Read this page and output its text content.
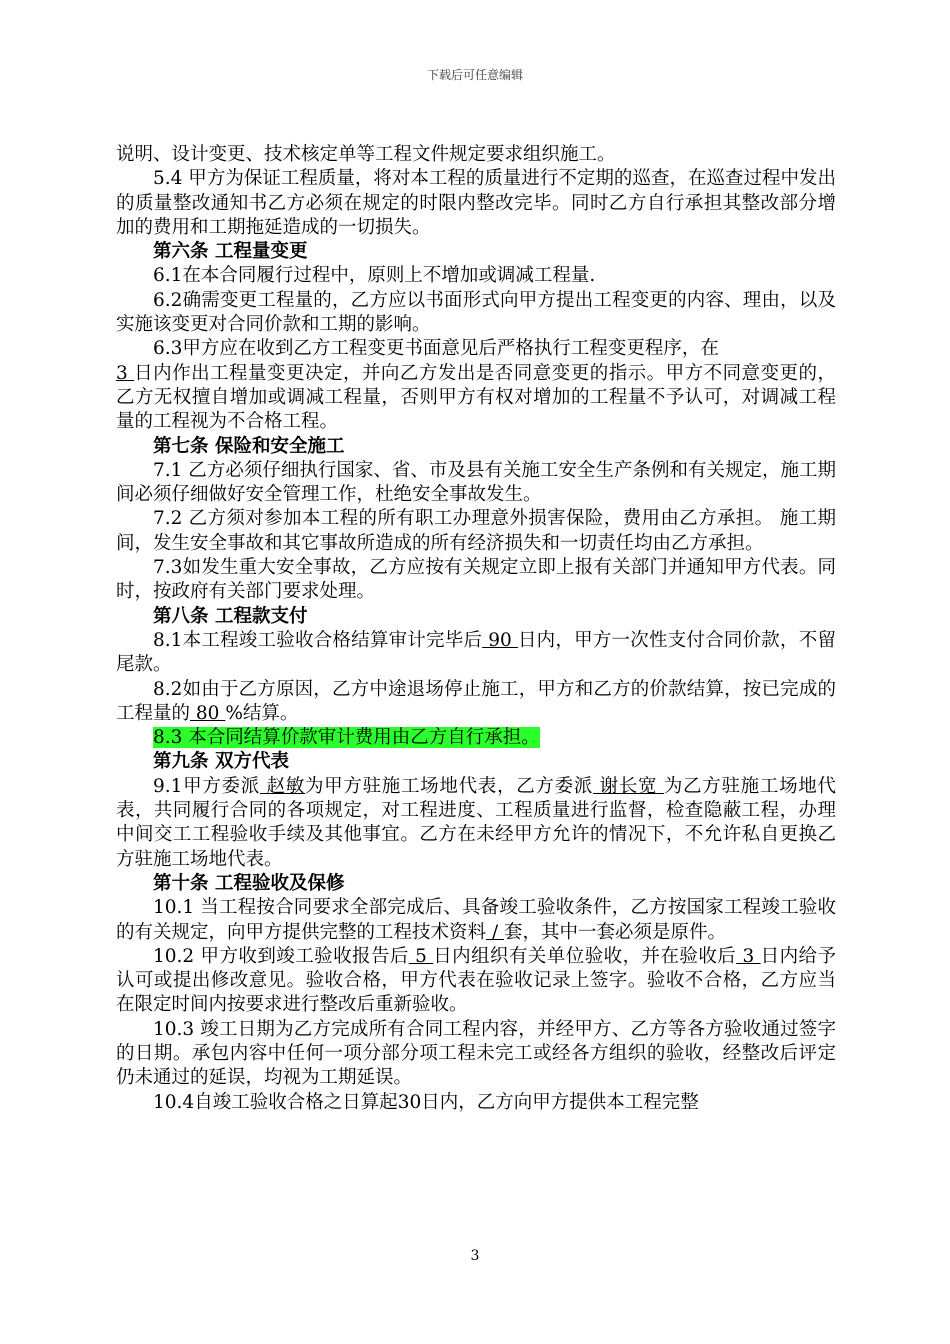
下载后可任意编辑

说明、设计变更、技术核定单等工程文件规定要求组织施工。

5.4 甲方为保证工程质量，将对本工程的质量进行不定期的巡查，在巡查过程中发出的质量整改通知书乙方必须在规定的时限内整改完毕。同时乙方自行承担其整改部分增加的费用和工期拖延造成的一切损失。

第六条 工程量变更

6.1在本合同履行过程中，原则上不增加或调减工程量.

6.2确需变更工程量的，乙方应以书面形式向甲方提出工程变更的内容、理由，以及实施该变更对合同价款和工期的影响。

6.3甲方应在收到乙方工程变更书面意见后严格执行工程变更程序，在
3 日内作出工程量变更决定，并向乙方发出是否同意变更的指示。甲方不同意变更的，乙方无权擅自增加或调减工程量，否则甲方有权对增加的工程量不予认可，对调减工程量的工程视为不合格工程。

第七条 保险和安全施工

7.1 乙方必须仔细执行国家、省、市及县有关施工安全生产条例和有关规定，施工期间必须仔细做好安全管理工作，杜绝安全事故发生。

7.2 乙方须对参加本工程的所有职工办理意外损害保险，费用由乙方承担。 施工期间，发生安全事故和其它事故所造成的所有经济损失和一切责任均由乙方承担。

7.3如发生重大安全事故，乙方应按有关规定立即上报有关部门并通知甲方代表。同时，按政府有关部门要求处理。

第八条 工程款支付

8.1本工程竣工验收合格结算审计完毕后 90 日内，甲方一次性支付合同价款，不留尾款。

8.2如由于乙方原因，乙方中途退场停止施工，甲方和乙方的价款结算，按已完成的工程量的 80 %结算。

8.3 本合同结算价款审计费用由乙方自行承担。

第九条 双方代表

9.1甲方委派 赵敏为甲方驻施工场地代表，乙方委派 谢长宽 为乙方驻施工场地代表，共同履行合同的各项规定，对工程进度、工程质量进行监督，检查隐蔽工程，办理中间交工工程验收手续及其他事宜。乙方在未经甲方允许的情况下，不允许私自更换乙方驻施工场地代表。

第十条 工程验收及保修

10.1 当工程按合同要求全部完成后、具备竣工验收条件，乙方按国家工程竣工验收的有关规定，向甲方提供完整的工程技术资料 / 套，其中一套必须是原件。

10.2 甲方收到竣工验收报告后 5 日内组织有关单位验收，并在验收后 3 日内给予认可或提出修改意见。验收合格，甲方代表在验收记录上签字。验收不合格，乙方应当在限定时间内按要求进行整改后重新验收。

10.3 竣工日期为乙方完成所有合同工程内容，并经甲方、乙方等各方验收通过签字的日期。承包内容中任何一项分部分项工程未完工或经各方组织的验收，经整改后评定仍未通过的延误，均视为工期延误。

10.4自竣工验收合格之日算起30日内，乙方向甲方提供本工程完整

3
